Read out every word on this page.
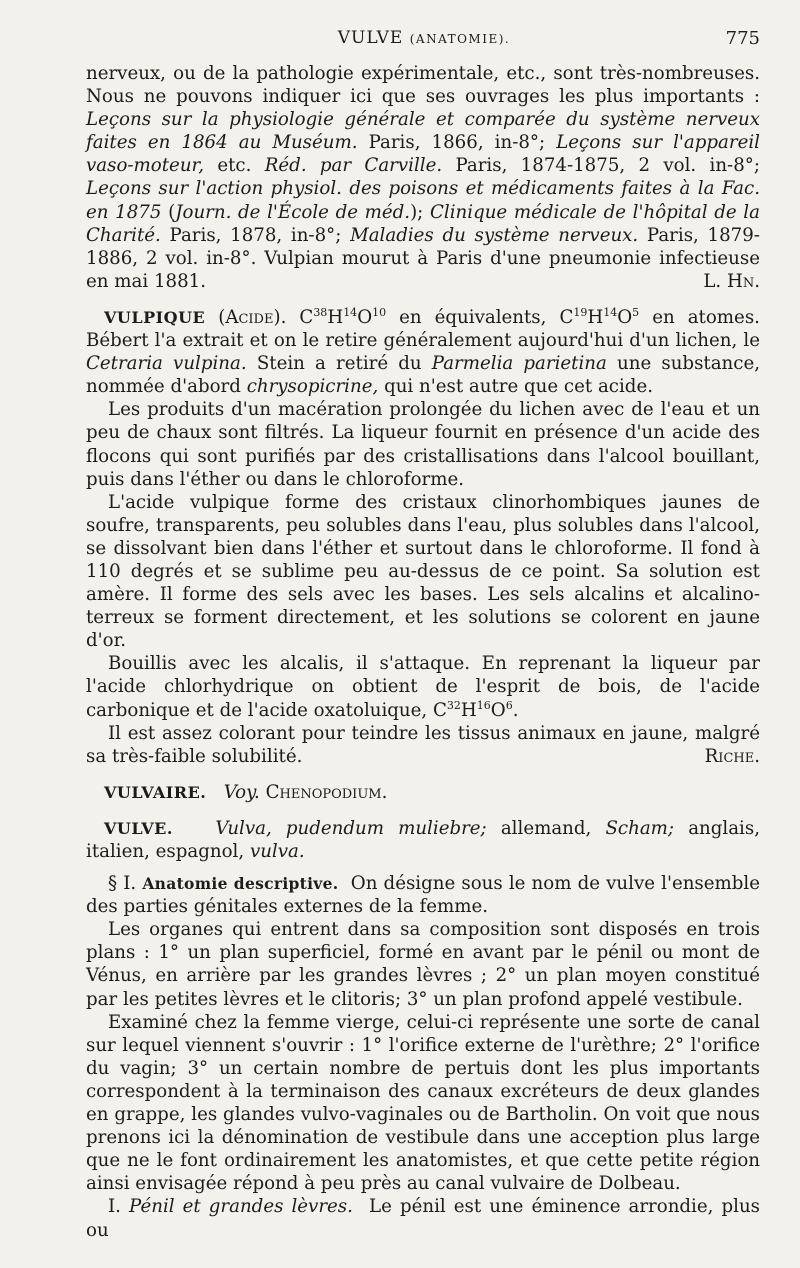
VULVE (ANATOMIE).	775

nerveux, ou de la pathologie expérimentale, etc., sont très-nombreuses. Nous ne pouvons indiquer ici que ses ouvrages les plus importants : Leçons sur la physiologie générale et comparée du système nerveux faites en 1864 au Muséum. Paris, 1866, in-8°; Leçons sur l'appareil vaso-moteur, etc. Réd. par Carville. Paris, 1874-1875, 2 vol. in-8°; Leçons sur l'action physiol. des poisons et médicaments faites à la Fac. en 1875 (Journ. de l'École de méd.); Clinique médicale de l'hôpital de la Charité. Paris, 1878, in-8°; Maladies du système nerveux. Paris, 1879-1886, 2 vol. in-8°. Vulpian mourut à Paris d'une pneumonie infectieuse en mai 1881.	L. Hn.

VULPIQUE (Acide). $C^{38}H^{14}O^{10}$ en équivalents, $C^{19}H^{14}O^5$ en atomes. Bébert l'a extrait et on le retire généralement aujourd'hui d'un lichen, le Cetraria vulpina. Stein a retiré du Parmelia parietina une substance, nommée d'abord chrysopicrine, qui n'est autre que cet acide.

Les produits d'un macération prolongée du lichen avec de l'eau et un peu de chaux sont filtrés. La liqueur fournit en présence d'un acide des flocons qui sont purifiés par des cristallisations dans l'alcool bouillant, puis dans l'éther ou dans le chloroforme.

L'acide vulpique forme des cristaux clinorhombiques jaunes de soufre, transparents, peu solubles dans l'eau, plus solubles dans l'alcool, se dissolvant bien dans l'éther et surtout dans le chloroforme. Il fond à 110 degrés et se sublime peu au-dessus de ce point. Sa solution est amère. Il forme des sels avec les bases. Les sels alcalins et alcalino-terreux se forment directement, et les solutions se colorent en jaune d'or.

Bouillis avec les alcalis, il s'attaque. En reprenant la liqueur par l'acide chlorhydrique on obtient de l'esprit de bois, de l'acide carbonique et de l'acide oxatoluique, $C^{32}H^{16}O^6$.

Il est assez colorant pour teindre les tissus animaux en jaune, malgré sa très-faible solubilité.	Riche.

VULVAIRE. Voy. Chenopodium.

VULVE. Vulva, pudendum muliebre; allemand, Scham; anglais, italien, espagnol, vulva.

§ I. Anatomie descriptive. On désigne sous le nom de vulve l'ensemble des parties génitales externes de la femme.

Les organes qui entrent dans sa composition sont disposés en trois plans : 1° un plan superficiel, formé en avant par le pénil ou mont de Vénus, en arrière par les grandes lèvres ; 2° un plan moyen constitué par les petites lèvres et le clitoris; 3° un plan profond appelé vestibule.

Examiné chez la femme vierge, celui-ci représente une sorte de canal sur lequel viennent s'ouvrir : 1° l'orifice externe de l'urèthre; 2° l'orifice du vagin; 3° un certain nombre de pertuis dont les plus importants correspondent à la terminaison des canaux excréteurs de deux glandes en grappe, les glandes vulvo-vaginales ou de Bartholin. On voit que nous prenons ici la dénomination de vestibule dans une acception plus large que ne le font ordinairement les anatomistes, et que cette petite région ainsi envisagée répond à peu près au canal vulvaire de Dolbeau.

I. Pénil et grandes lèvres. Le pénil est une éminence arrondie, plus ou
